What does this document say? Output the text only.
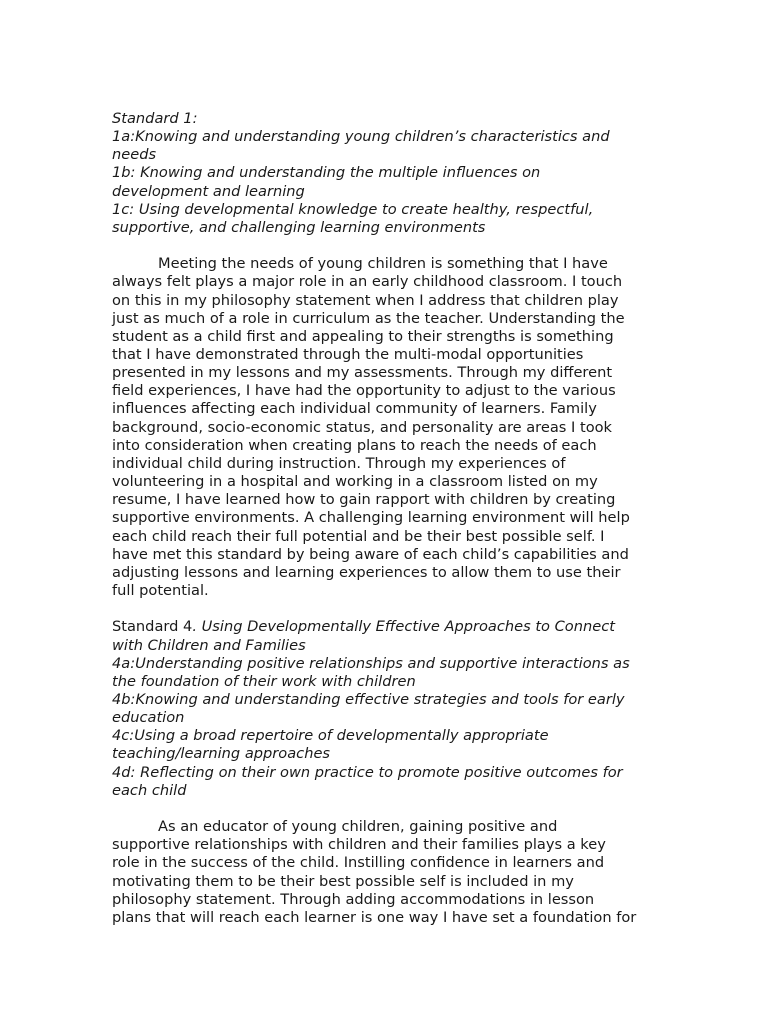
Standard 1:
1a:Knowing and understanding young children’s characteristics and
needs
1b: Knowing and understanding the multiple influences on
development and learning
1c: Using developmental knowledge to create healthy, respectful,
supportive, and challenging learning environments
Meeting the needs of young children is something that I have
always felt plays a major role in an early childhood classroom. I touch
on this in my philosophy statement when I address that children play
just as much of a role in curriculum as the teacher. Understanding the
student as a child first and appealing to their strengths is something
that I have demonstrated through the multi-modal opportunities
presented in my lessons and my assessments. Through my different
field experiences, I have had the opportunity to adjust to the various
influences affecting each individual community of learners. Family
background, socio-economic status, and personality are areas I took
into consideration when creating plans to reach the needs of each
individual child during instruction. Through my experiences of
volunteering in a hospital and working in a classroom listed on my
resume, I have learned how to gain rapport with children by creating
supportive environments. A challenging learning environment will help
each child reach their full potential and be their best possible self. I
have met this standard by being aware of each child’s capabilities and
adjusting lessons and learning experiences to allow them to use their
full potential.
Standard 4. Using Developmentally Effective Approaches to Connect
with Children and Families
4a:Understanding positive relationships and supportive interactions as
the foundation of their work with children
4b:Knowing and understanding effective strategies and tools for early
education
4c:Using a broad repertoire of developmentally appropriate
teaching/learning approaches
4d: Reflecting on their own practice to promote positive outcomes for
each child
As an educator of young children, gaining positive and
supportive relationships with children and their families plays a key
role in the success of the child. Instilling confidence in learners and
motivating them to be their best possible self is included in my
philosophy statement. Through adding accommodations in lesson
plans that will reach each learner is one way I have set a foundation for
